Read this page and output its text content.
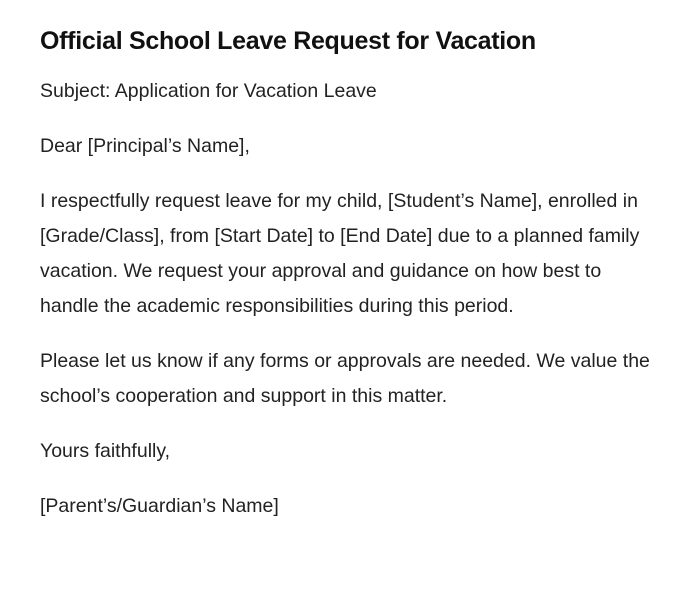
Official School Leave Request for Vacation

Subject: Application for Vacation Leave

Dear [Principal’s Name],

I respectfully request leave for my child, [Student’s Name], enrolled in [Grade/Class], from [Start Date] to [End Date] due to a planned family vacation. We request your approval and guidance on how best to handle the academic responsibilities during this period.

Please let us know if any forms or approvals are needed. We value the school’s cooperation and support in this matter.

Yours faithfully,

[Parent’s/Guardian’s Name]
